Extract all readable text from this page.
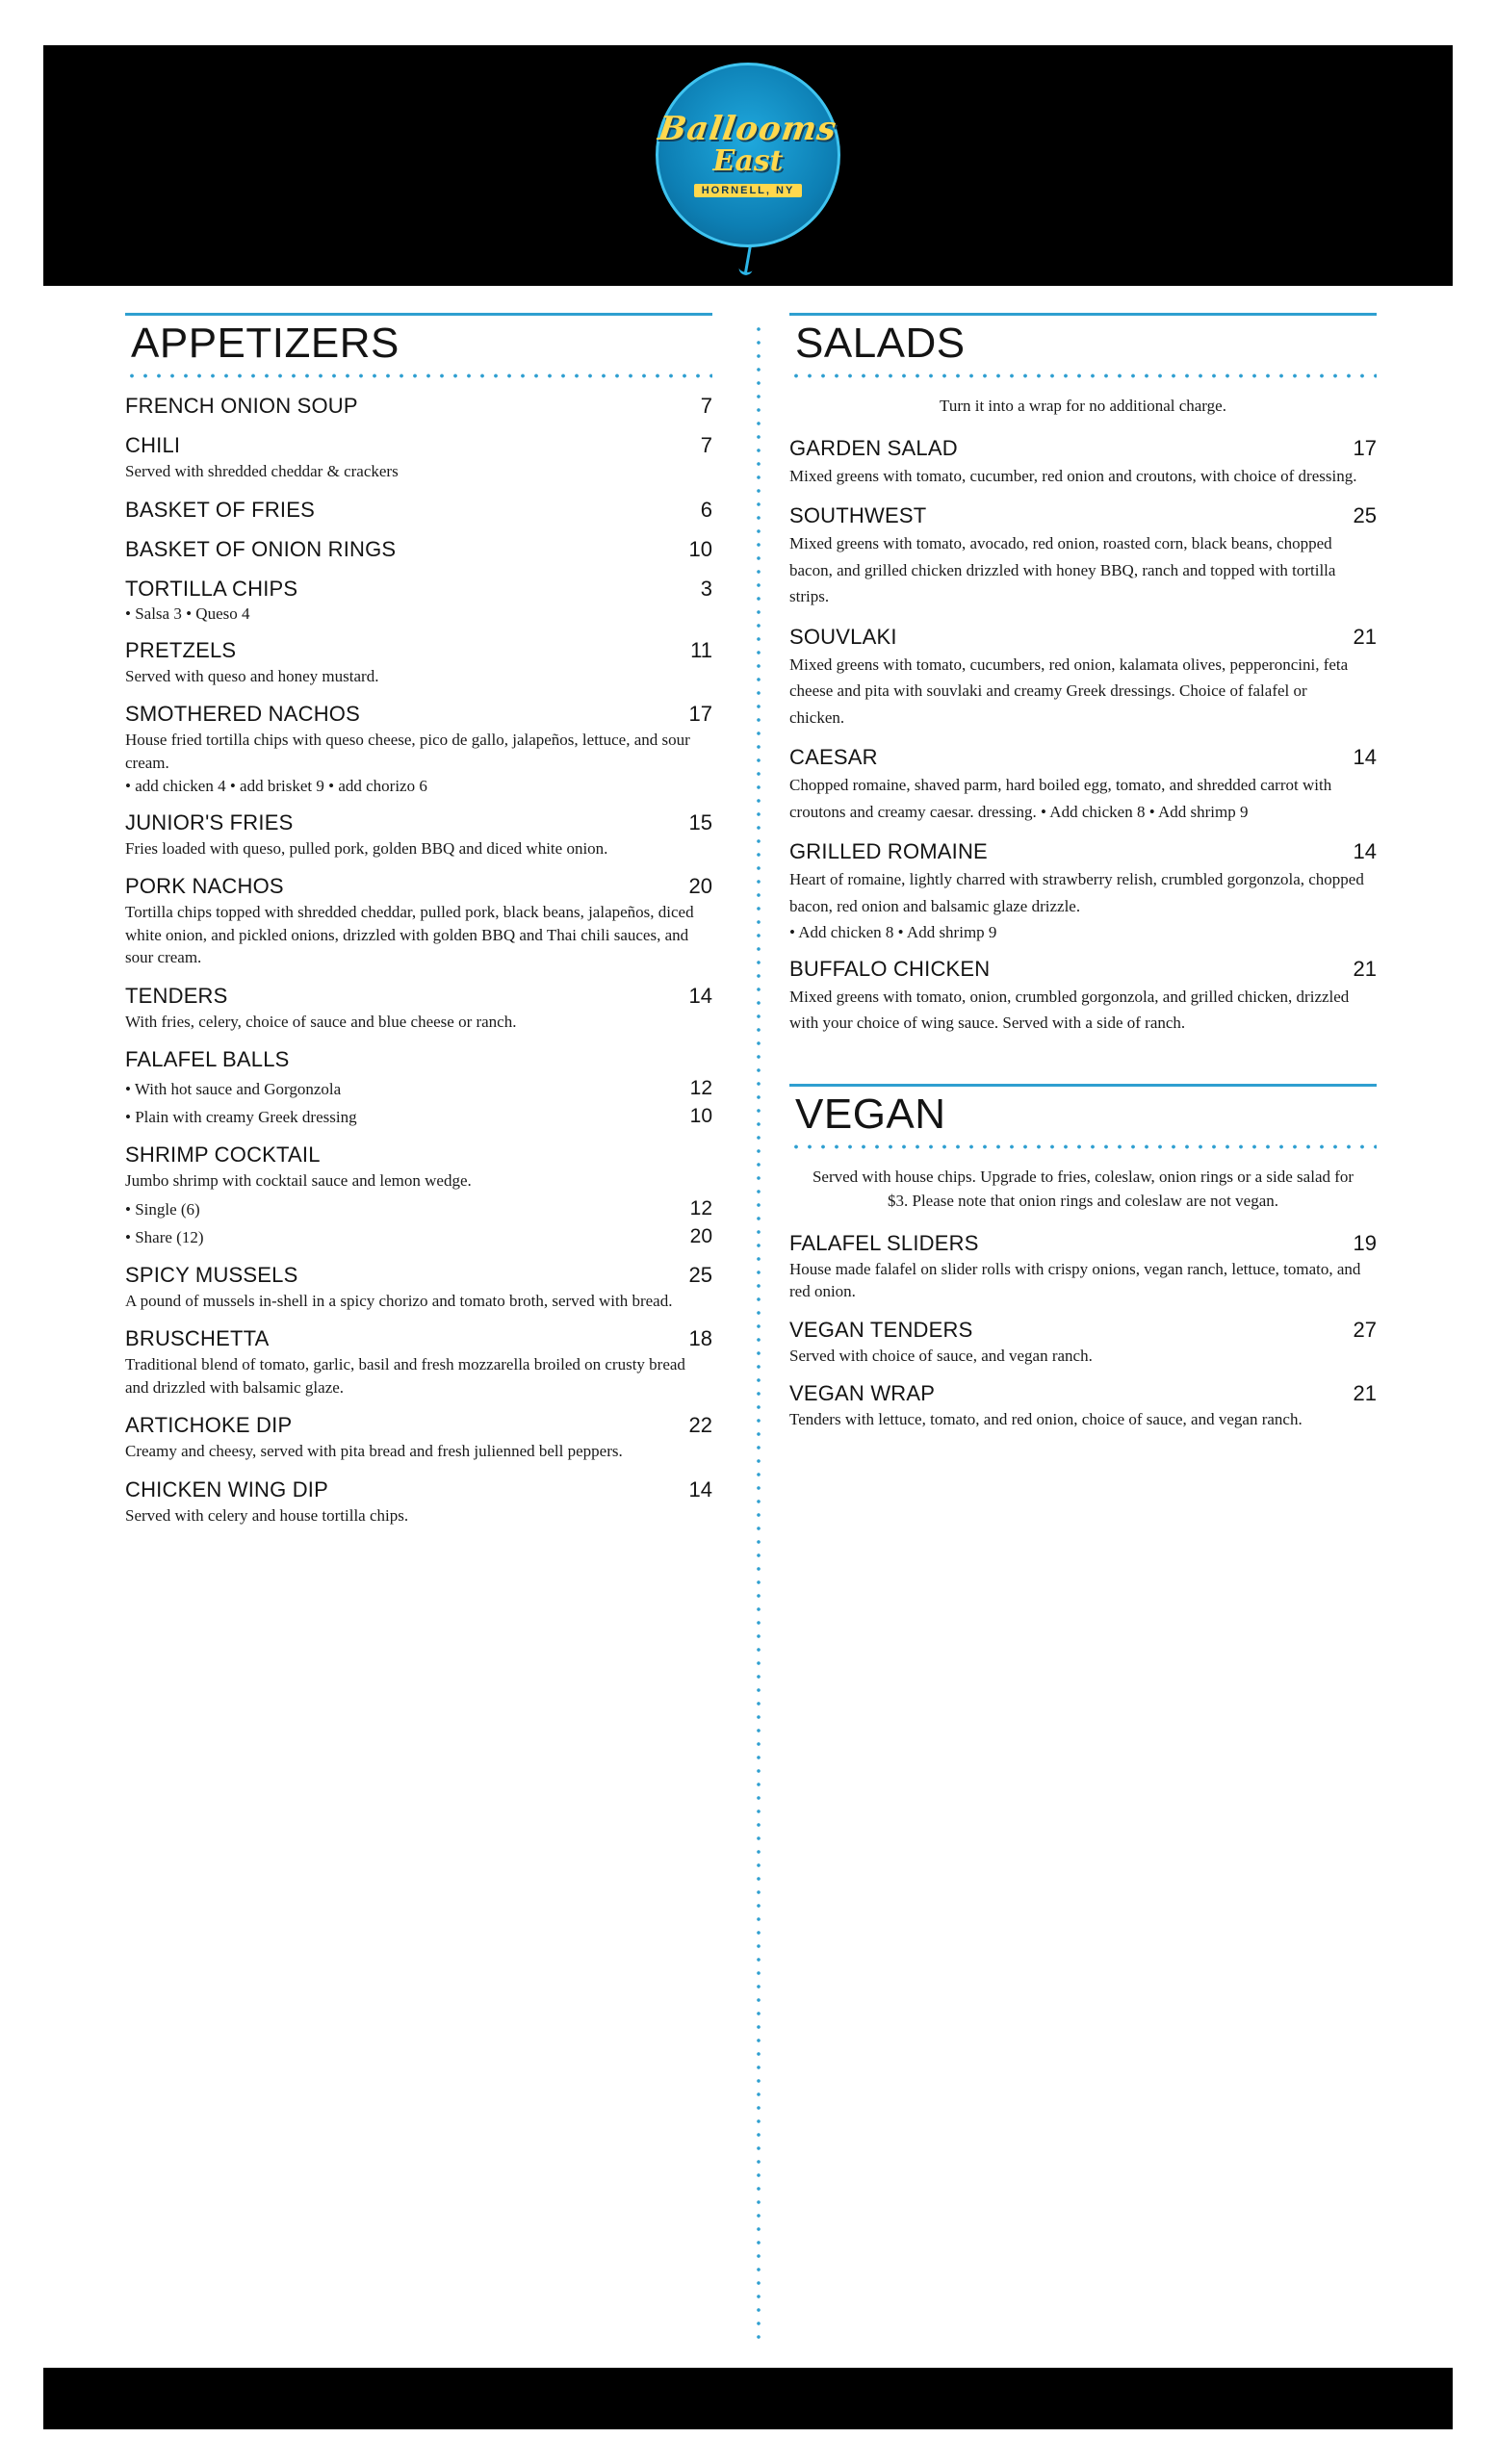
Ballooms
East
HORNELL, NY
APPETIZERS
FRENCH ONION SOUP	7
CHILI	7
Served with shredded cheddar & crackers
BASKET OF FRIES	6
BASKET OF ONION RINGS	10
TORTILLA CHIPS	3
• Salsa 3 • Queso 4
PRETZELS	11
Served with queso and honey mustard.
SMOTHERED NACHOS	17
House fried tortilla chips with queso cheese, pico de gallo, jalapeños, lettuce, and sour cream.
• add chicken 4 • add brisket 9 • add chorizo 6
JUNIOR'S FRIES	15
Fries loaded with queso, pulled pork, golden BBQ and diced white onion.
PORK NACHOS	20
Tortilla chips topped with shredded cheddar, pulled pork, black beans, jalapeños, diced white onion, and pickled onions, drizzled with golden BBQ and Thai chili sauces, and sour cream.
TENDERS	14
With fries, celery, choice of sauce and blue cheese or ranch.
FALAFEL BALLS
• With hot sauce and Gorgonzola	12
• Plain with creamy Greek dressing	10
SHRIMP COCKTAIL
Jumbo shrimp with cocktail sauce and lemon wedge.
• Single (6)	12
• Share (12)	20
SPICY MUSSELS	25
A pound of mussels in-shell in a spicy chorizo and tomato broth, served with bread.
BRUSCHETTA	18
Traditional blend of tomato, garlic, basil and fresh mozzarella broiled on crusty bread and drizzled with balsamic glaze.
ARTICHOKE DIP	22
Creamy and cheesy, served with pita bread and fresh julienned bell peppers.
CHICKEN WING DIP	14
Served with celery and house tortilla chips.
SALADS
Turn it into a wrap for no additional charge.
GARDEN SALAD	17
Mixed greens with tomato, cucumber, red onion and croutons, with choice of dressing.
SOUTHWEST	25
Mixed greens with tomato, avocado, red onion, roasted corn, black beans, chopped bacon, and grilled chicken drizzled with honey BBQ, ranch and topped with tortilla strips.
SOUVLAKI	21
Mixed greens with tomato, cucumbers, red onion, kalamata olives, pepperoncini, feta cheese and pita with souvlaki and creamy Greek dressings. Choice of falafel or chicken.
CAESAR	14
Chopped romaine, shaved parm, hard boiled egg, tomato, and shredded carrot with croutons and creamy caesar. dressing. • Add chicken 8 • Add shrimp 9
GRILLED ROMAINE	14
Heart of romaine, lightly charred with strawberry relish, crumbled gorgonzola, chopped bacon, red onion and balsamic glaze drizzle.
• Add chicken 8 • Add shrimp 9
BUFFALO CHICKEN	21
Mixed greens with tomato, onion, crumbled gorgonzola, and grilled chicken, drizzled with your choice of wing sauce. Served with a side of ranch.
VEGAN
Served with house chips. Upgrade to fries, coleslaw, onion rings or a side salad for $3. Please note that onion rings and coleslaw are not vegan.
FALAFEL SLIDERS	19
House made falafel on slider rolls with crispy onions, vegan ranch, lettuce, tomato, and red onion.
VEGAN TENDERS	27
Served with choice of sauce, and vegan ranch.
VEGAN WRAP	21
Tenders with lettuce, tomato, and red onion, choice of sauce, and vegan ranch.
